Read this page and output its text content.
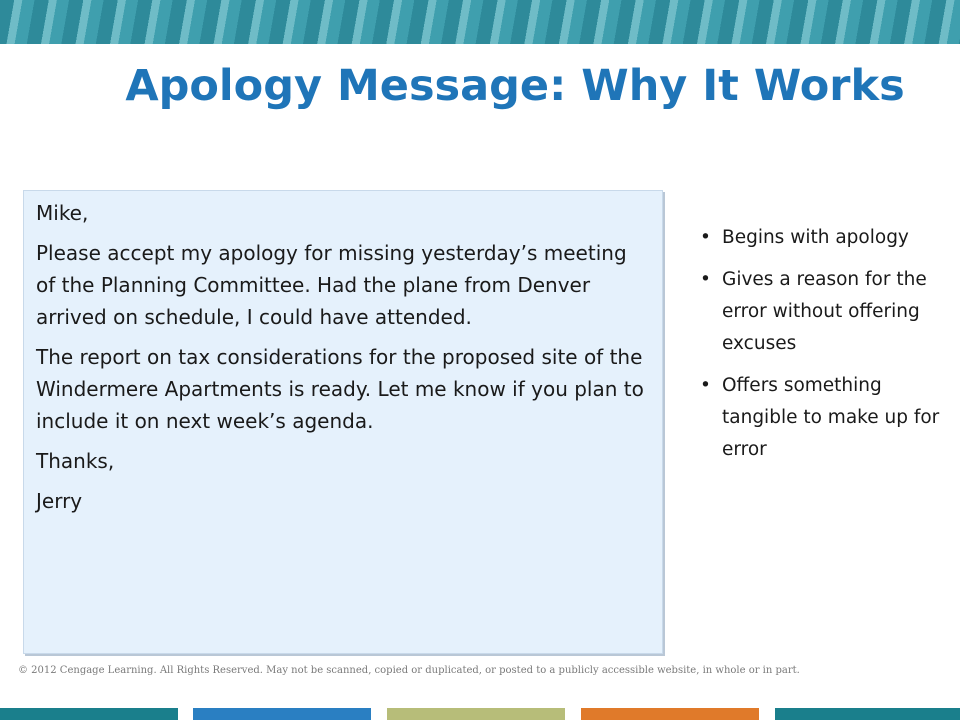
Apology Message: Why It Works

Mike,

Please accept my apology for missing yesterday’s meeting of the Planning Committee. Had the plane from Denver arrived on schedule, I could have attended.

The report on tax considerations for the proposed site of the Windermere Apartments is ready. Let me know if you plan to include it on next week’s agenda.

Thanks,

Jerry

• Begins with apology
• Gives a reason for the error without offering excuses
• Offers something tangible to make up for error
© 2012 Cengage Learning. All Rights Reserved. May not be scanned, copied or duplicated, or posted to a publicly accessible website, in whole or in part.
